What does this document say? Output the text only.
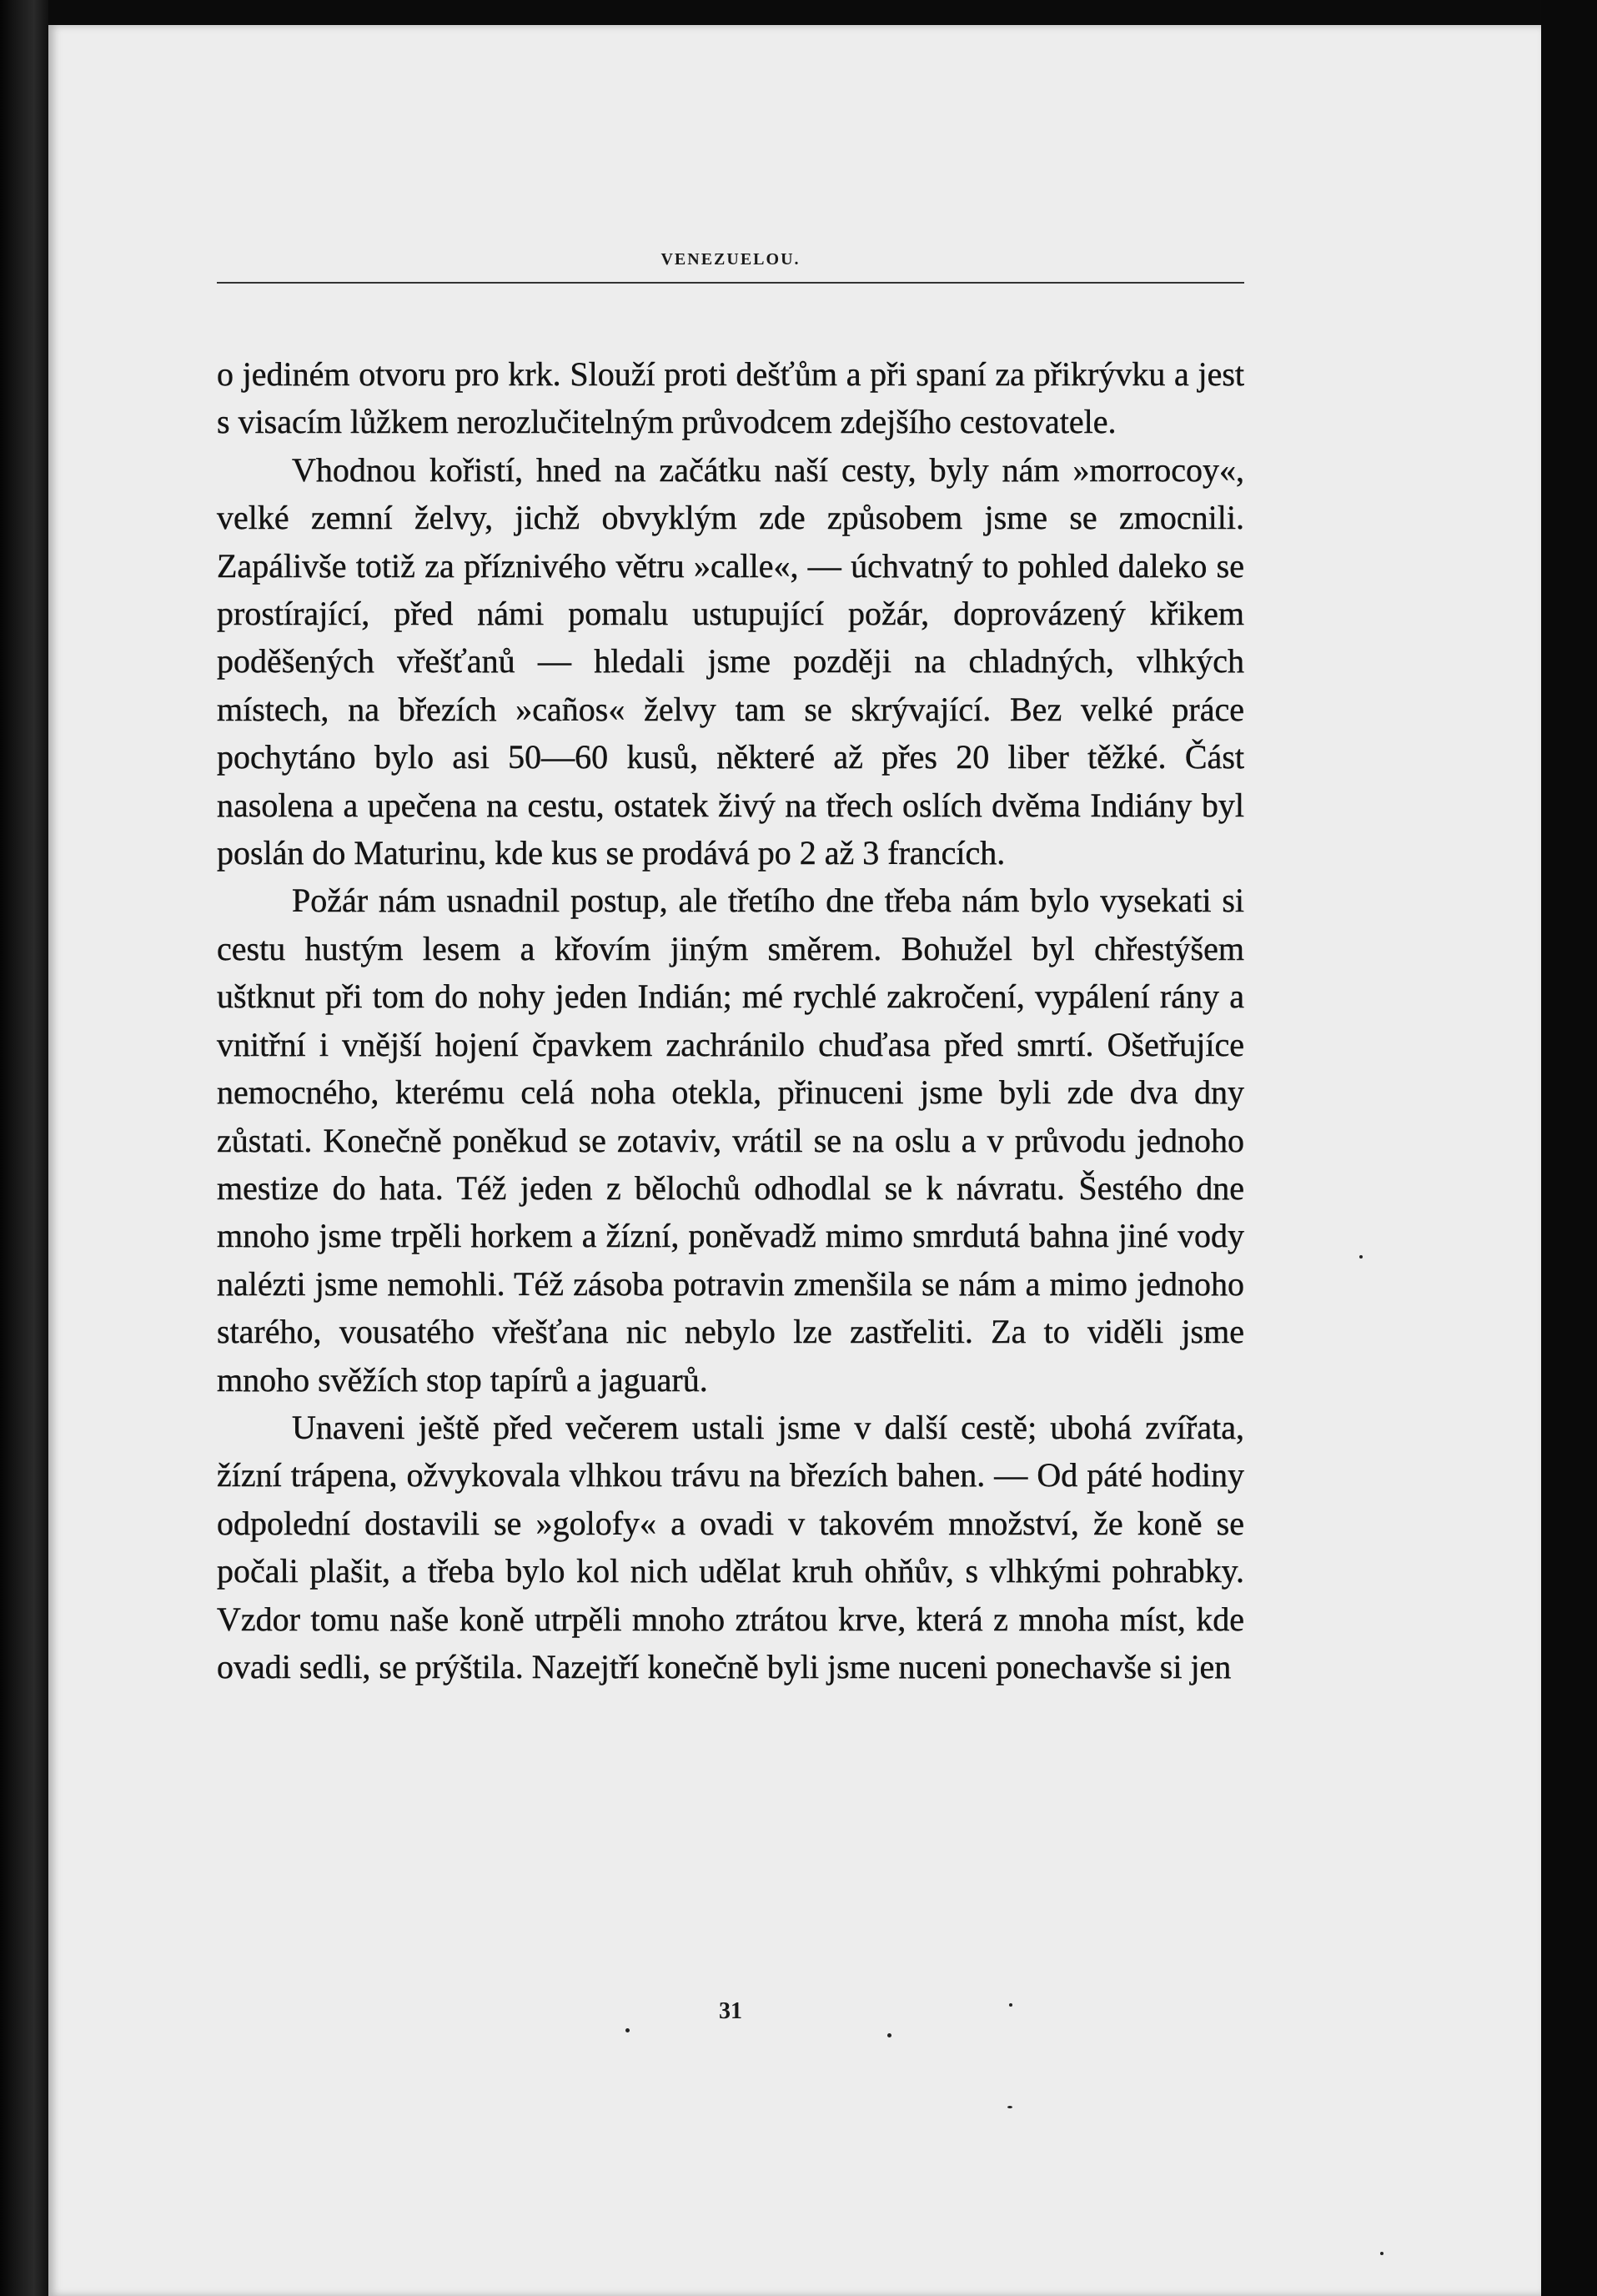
VENEZUELOU.

o jediném otvoru pro krk. Slouží proti dešťům a při spaní za přikrývku a jest s visacím lůžkem nerozlučitelným průvodcem zdejšího cestovatele.

Vhodnou kořistí, hned na začátku naší cesty, byly nám »morrocoy«, velké zemní želvy, jichž obvyklým zde způsobem jsme se zmocnili. Zapálivše totiž za příznivého větru »calle«, — úchvatný to pohled daleko se prostírající, před námi pomalu ustupující požár, doprovázený křikem poděšených vřešťanů — hledali jsme později na chladných, vlhkých místech, na březích »caños« želvy tam se skrývající. Bez velké práce pochytáno bylo asi 50—60 kusů, některé až přes 20 liber těžké. Část nasolena a upečena na cestu, ostatek živý na třech oslích dvěma Indiány byl poslán do Maturinu, kde kus se prodává po 2 až 3 francích.

Požár nám usnadnil postup, ale třetího dne třeba nám bylo vysekati si cestu hustým lesem a křovím jiným směrem. Bohužel byl chřestýšem uštknut při tom do nohy jeden Indián; mé rychlé zakročení, vypálení rány a vnitřní i vnější hojení čpavkem zachránilo chuďasa před smrtí. Ošetřujíce nemocného, kterému celá noha otekla, přinuceni jsme byli zde dva dny zůstati. Konečně poněkud se zotaviv, vrátil se na oslu a v průvodu jednoho mestize do hata. Též jeden z bělochů odhodlal se k návratu. Šestého dne mnoho jsme trpěli horkem a žízní, poněvadž mimo smrdutá bahna jiné vody nalézti jsme nemohli. Též zásoba potravin zmenšila se nám a mimo jednoho starého, vousatého vřešťana nic nebylo lze zastřeliti. Za to viděli jsme mnoho svěžích stop tapírů a jaguarů.

Unaveni ještě před večerem ustali jsme v další cestě; ubohá zvířata, žízní trápena, ožvykovala vlhkou trávu na březích bahen. — Od páté hodiny odpolední dostavili se »golofy« a ovadi v takovém množství, že koně se počali plašit, a třeba bylo kol nich udělat kruh ohňův, s vlhkými pohrabky. Vzdor tomu naše koně utrpěli mnoho ztrátou krve, která z mnoha míst, kde ovadi sedli, se prýštila. Nazejtří konečně byli jsme nuceni ponechavše si jen

31
